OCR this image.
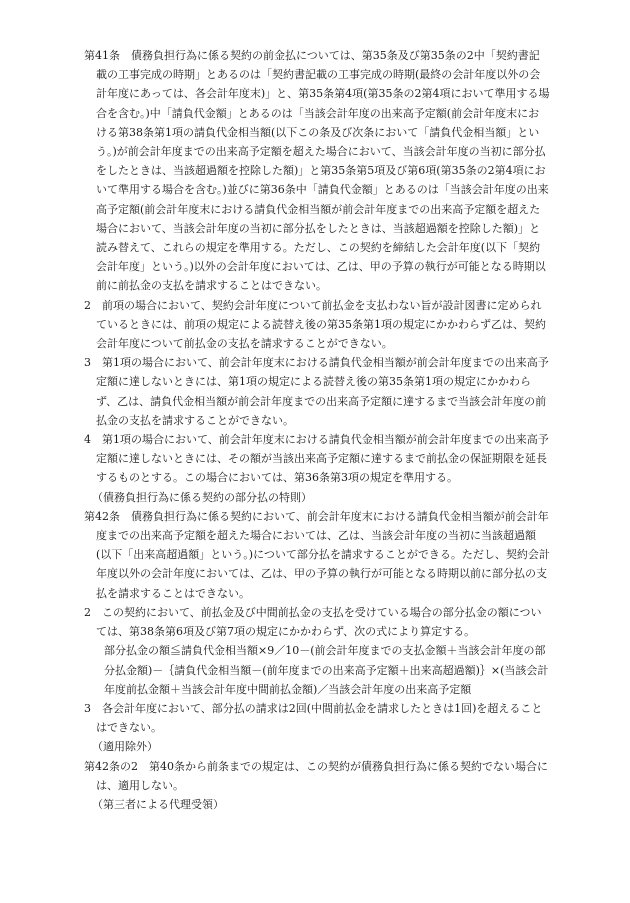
第41条　債務負担行為に係る契約の前金払については、第35条及び第35条の2中「契約書記載の工事完成の時期」とあるのは「契約書記載の工事完成の時期(最終の会計年度以外の会計年度にあっては、各会計年度末)」と、第35条第4項(第35条の2第4項において準用する場合を含む。)中「請負代金額」とあるのは「当該会計年度の出来高予定額(前会計年度末における第38条第1項の請負代金相当額(以下この条及び次条において「請負代金相当額」という。)が前会計年度までの出来高予定額を超えた場合において、当該会計年度の当初に部分払をしたときは、当該超過額を控除した額)」と第35条第5項及び第6項(第35条の2第4項において準用する場合を含む。)並びに第36条中「請負代金額」とあるのは「当該会計年度の出来高予定額(前会計年度末における請負代金相当額が前会計年度までの出来高予定額を超えた場合において、当該会計年度の当初に部分払をしたときは、当該超過額を控除した額)」と読み替えて、これらの規定を準用する。ただし、この契約を締結した会計年度(以下「契約会計年度」という。)以外の会計年度においては、乙は、甲の予算の執行が可能となる時期以前に前払金の支払を請求することはできない。

2　前項の場合において、契約会計年度について前払金を支払わない旨が設計図書に定められているときには、前項の規定による読替え後の第35条第1項の規定にかかわらず乙は、契約会計年度について前払金の支払を請求することができない。

3　第1項の場合において、前会計年度末における請負代金相当額が前会計年度までの出来高予定額に達しないときには、第1項の規定による読替え後の第35条第1項の規定にかかわらず、乙は、請負代金相当額が前会計年度までの出来高予定額に達するまで当該会計年度の前払金の支払を請求することができない。

4　第1項の場合において、前会計年度末における請負代金相当額が前会計年度までの出来高予定額に達しないときには、その額が当該出来高予定額に達するまで前払金の保証期限を延長するものとする。この場合においては、第36条第3項の規定を準用する。

（債務負担行為に係る契約の部分払の特則）

第42条　債務負担行為に係る契約において、前会計年度末における請負代金相当額が前会計年度までの出来高予定額を超えた場合においては、乙は、当該会計年度の当初に当該超過額(以下「出来高超過額」という。)について部分払を請求することができる。ただし、契約会計年度以外の会計年度においては、乙は、甲の予算の執行が可能となる時期以前に部分払の支払を請求することはできない。

2　この契約において、前払金及び中間前払金の支払を受けている場合の部分払金の額については、第38条第6項及び第7項の規定にかかわらず、次の式により算定する。

部分払金の額≦請負代金相当額×9／10－(前会計年度までの支払金額＋当該会計年度の部分払金額)－｛請負代金相当額－(前年度までの出来高予定額＋出来高超過額)｝×(当該会計年度前払金額＋当該会計年度中間前払金額)／当該会計年度の出来高予定額

3　各会計年度において、部分払の請求は2回(中間前払金を請求したときは1回)を超えることはできない。

（適用除外）

第42条の2　第40条から前条までの規定は、この契約が債務負担行為に係る契約でない場合には、適用しない。

（第三者による代理受領）
